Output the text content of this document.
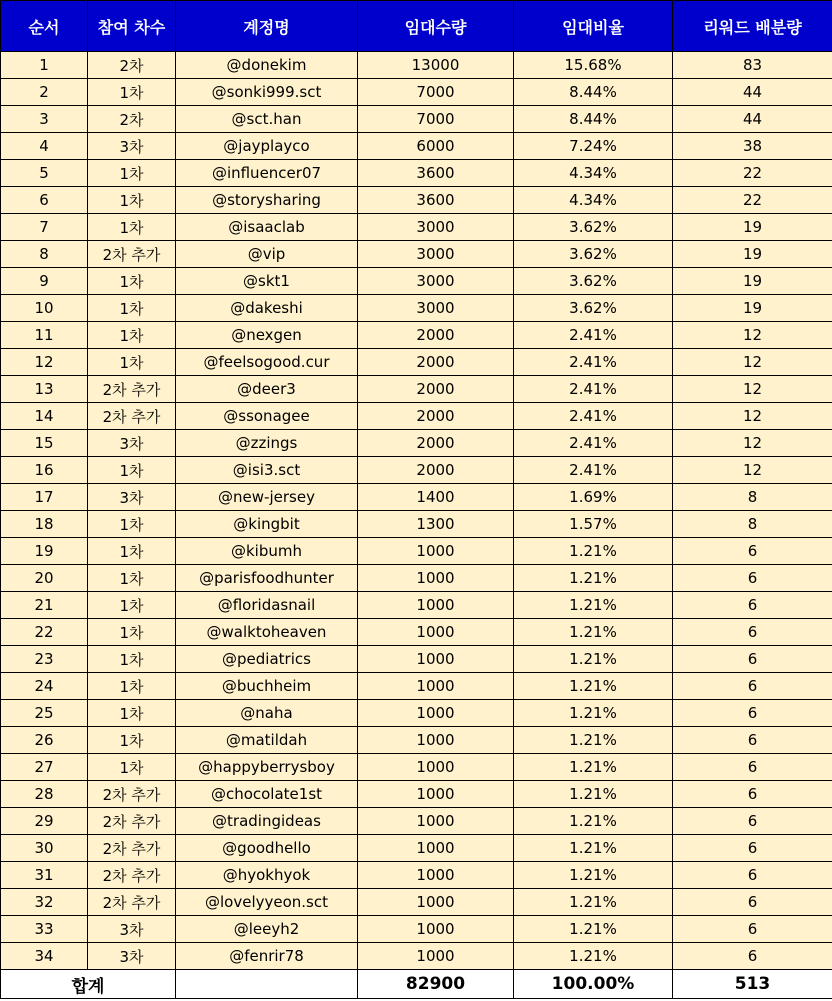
순서	참여 차수	계정명	임대수량	임대비율	리워드 배분량
1	2차	@donekim	13000	15.68%	83
2	1차	@sonki999.sct	7000	8.44%	44
3	2차	@sct.han	7000	8.44%	44
4	3차	@jayplayco	6000	7.24%	38
5	1차	@influencer07	3600	4.34%	22
6	1차	@storysharing	3600	4.34%	22
7	1차	@isaaclab	3000	3.62%	19
8	2차 추가	@vip	3000	3.62%	19
9	1차	@skt1	3000	3.62%	19
10	1차	@dakeshi	3000	3.62%	19
11	1차	@nexgen	2000	2.41%	12
12	1차	@feelsogood.cur	2000	2.41%	12
13	2차 추가	@deer3	2000	2.41%	12
14	2차 추가	@ssonagee	2000	2.41%	12
15	3차	@zzings	2000	2.41%	12
16	1차	@isi3.sct	2000	2.41%	12
17	3차	@new-jersey	1400	1.69%	8
18	1차	@kingbit	1300	1.57%	8
19	1차	@kibumh	1000	1.21%	6
20	1차	@parisfoodhunter	1000	1.21%	6
21	1차	@floridasnail	1000	1.21%	6
22	1차	@walktoheaven	1000	1.21%	6
23	1차	@pediatrics	1000	1.21%	6
24	1차	@buchheim	1000	1.21%	6
25	1차	@naha	1000	1.21%	6
26	1차	@matildah	1000	1.21%	6
27	1차	@happyberrysboy	1000	1.21%	6
28	2차 추가	@chocolate1st	1000	1.21%	6
29	2차 추가	@tradingideas	1000	1.21%	6
30	2차 추가	@goodhello	1000	1.21%	6
31	2차 추가	@hyokhyok	1000	1.21%	6
32	2차 추가	@lovelyyeon.sct	1000	1.21%	6
33	3차	@leeyh2	1000	1.21%	6
34	3차	@fenrir78	1000	1.21%	6
합계			82900	100.00%	513
